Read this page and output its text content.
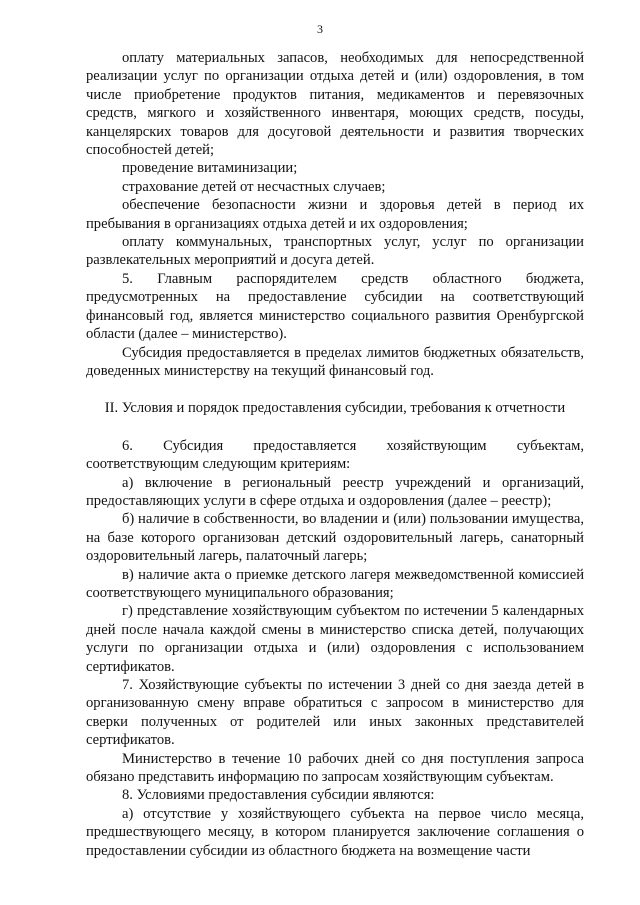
3

оплату материальных запасов, необходимых для непосредственной реализации услуг по организации отдыха детей и (или) оздоровления, в том числе приобретение продуктов питания, медикаментов и перевязочных средств, мягкого и хозяйственного инвентаря, моющих средств, посуды, канцелярских товаров для досуговой деятельности и развития творческих способностей детей;

проведение витаминизации;

страхование детей от несчастных случаев;

обеспечение безопасности жизни и здоровья детей в период их пребывания в организациях отдыха детей и их оздоровления;

оплату коммунальных, транспортных услуг, услуг по организации развлекательных мероприятий и досуга детей.

5. Главным распорядителем средств областного бюджета, предусмотренных на предоставление субсидии на соответствующий финансовый год, является министерство социального развития Оренбургской области (далее – министерство).

Субсидия предоставляется в пределах лимитов бюджетных обязательств, доведенных министерству на текущий финансовый год.

II. Условия и порядок предоставления субсидии, требования к отчетности

6. Субсидия предоставляется хозяйствующим субъектам, соответствующим следующим критериям:

а) включение в региональный реестр учреждений и организаций, предоставляющих услуги в сфере отдыха и оздоровления (далее – реестр);

б) наличие в собственности, во владении и (или) пользовании имущества, на базе которого организован детский оздоровительный лагерь, санаторный оздоровительный лагерь, палаточный лагерь;

в) наличие акта о приемке детского лагеря межведомственной комиссией соответствующего муниципального образования;

г) представление хозяйствующим субъектом по истечении 5 календарных дней после начала каждой смены в министерство списка детей, получающих услуги по организации отдыха и (или) оздоровления с использованием сертификатов.

7. Хозяйствующие субъекты по истечении 3 дней со дня заезда детей в организованную смену вправе обратиться с запросом в министерство для сверки полученных от родителей или иных законных представителей сертификатов.

Министерство в течение 10 рабочих дней со дня поступления запроса обязано представить информацию по запросам хозяйствующим субъектам.

8. Условиями предоставления субсидии являются:

а) отсутствие у хозяйствующего субъекта на первое число месяца, предшествующего месяцу, в котором планируется заключение соглашения о предоставлении субсидии из областного бюджета на возмещение части
